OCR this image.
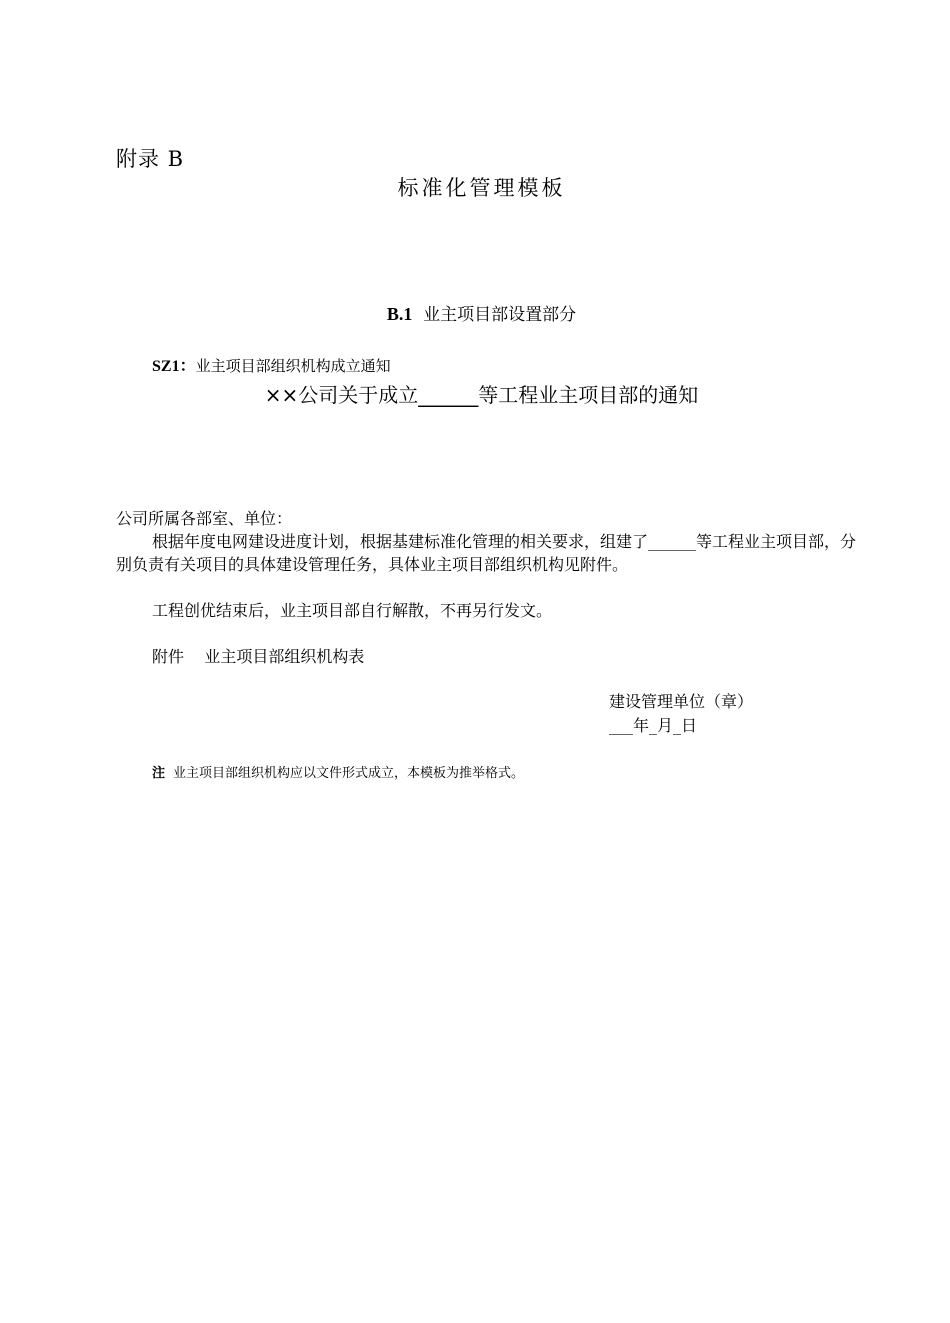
附录 B
标准化管理模板
B.1 业主项目部设置部分
SZ1：业主项目部组织机构成立通知
××公司关于成立______等工程业主项目部的通知
公司所属各部室、单位：
根据年度电网建设进度计划，根据基建标准化管理的相关要求，组建了______等工程业主项目部，分别负责有关项目的具体建设管理任务，具体业主项目部组织机构见附件。
工程创优结束后，业主项目部自行解散，不再另行发文。
附件    业主项目部组织机构表
建设管理单位（章）
___年_月_日
注 业主项目部组织机构应以文件形式成立，本模板为推举格式。
